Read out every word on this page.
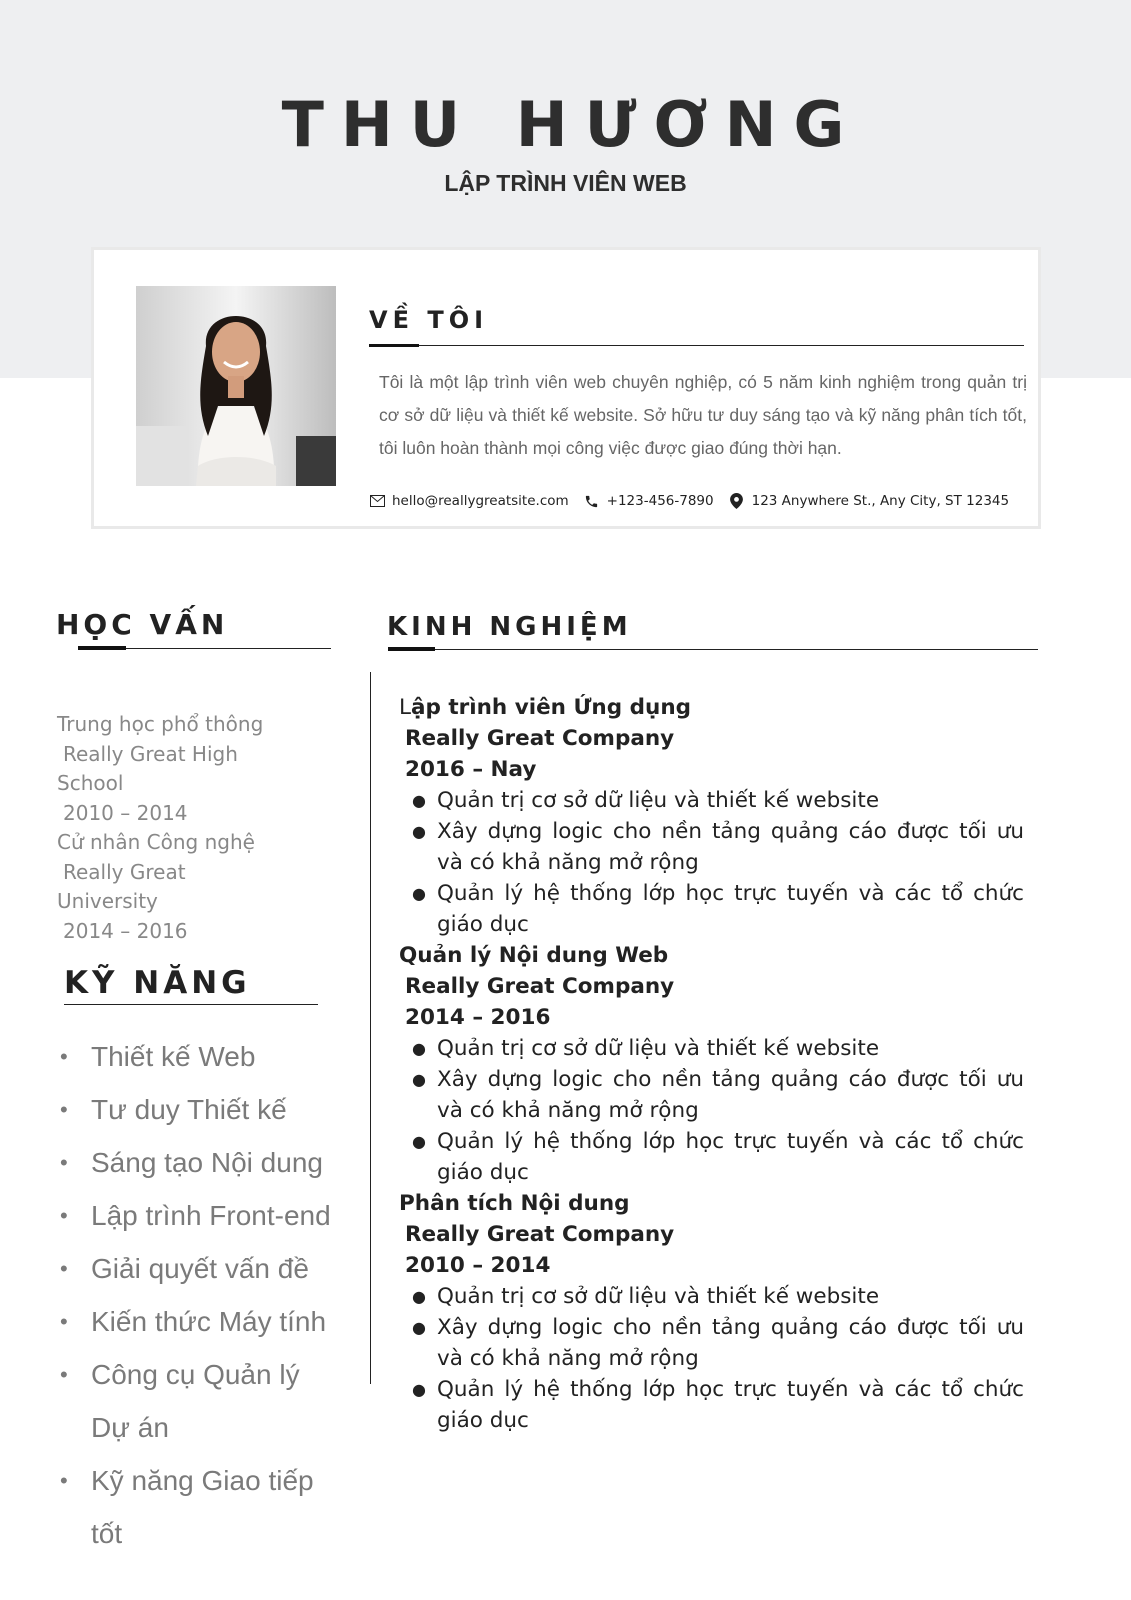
THU HƯƠNG
LẬP TRÌNH VIÊN WEB
VỀ TÔI
Tôi là một lập trình viên web chuyên nghiệp, có 5 năm kinh nghiệm trong quản trị cơ sở dữ liệu và thiết kế website. Sở hữu tư duy sáng tạo và kỹ năng phân tích tốt, tôi luôn hoàn thành mọi công việc được giao đúng thời hạn.
hello@reallygreatsite.com	+123-456-7890	123 Anywhere St., Any City, ST 12345
HỌC VẤN
Trung học phổ thông
Really Great High
School
2010 – 2014
Cử nhân Công nghệ
Really Great
University
2014 – 2016
KỸ NĂNG
• Thiết kế Web
• Tư duy Thiết kế
• Sáng tạo Nội dung
• Lập trình Front-end
• Giải quyết vấn đề
• Kiến thức Máy tính
• Công cụ Quản lý Dự án
• Kỹ năng Giao tiếp tốt
KINH NGHIỆM
Lập trình viên Ứng dụng
Really Great Company
2016 – Nay
● Quản trị cơ sở dữ liệu và thiết kế website
● Xây dựng logic cho nền tảng quảng cáo được tối ưu và có khả năng mở rộng
● Quản lý hệ thống lớp học trực tuyến và các tổ chức giáo dục
Quản lý Nội dung Web
Really Great Company
2014 – 2016
● Quản trị cơ sở dữ liệu và thiết kế website
● Xây dựng logic cho nền tảng quảng cáo được tối ưu và có khả năng mở rộng
● Quản lý hệ thống lớp học trực tuyến và các tổ chức giáo dục
Phân tích Nội dung
Really Great Company
2010 – 2014
● Quản trị cơ sở dữ liệu và thiết kế website
● Xây dựng logic cho nền tảng quảng cáo được tối ưu và có khả năng mở rộng
● Quản lý hệ thống lớp học trực tuyến và các tổ chức giáo dục
